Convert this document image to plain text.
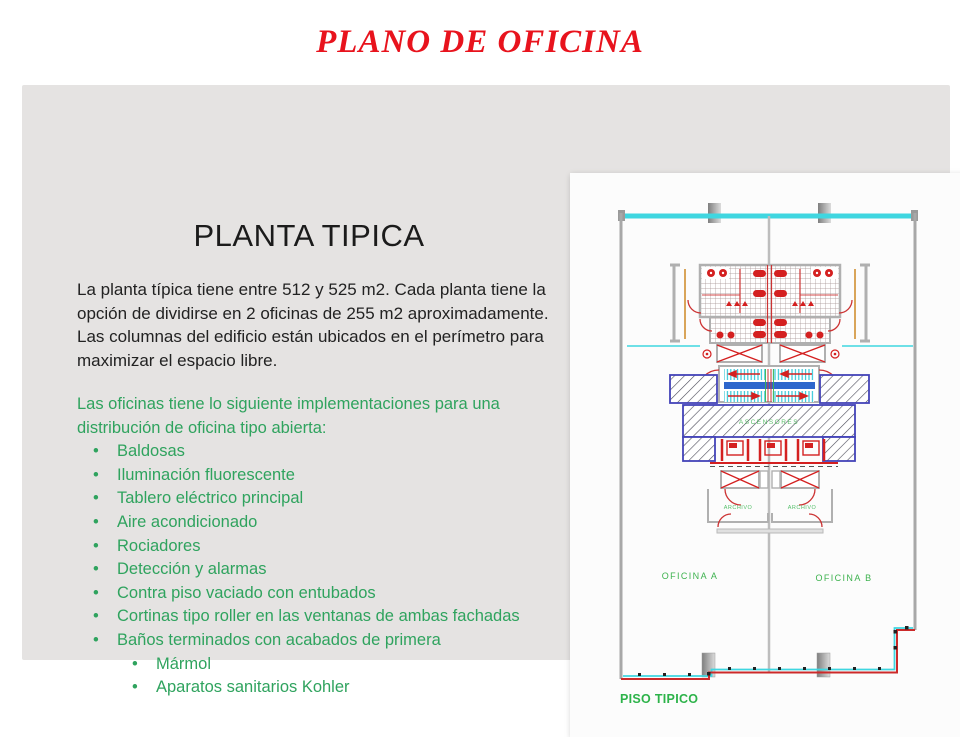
PLANO DE OFICINA
PLANTA TIPICA

La planta típica tiene entre 512 y 525 m2. Cada planta tiene la opción de dividirse en 2 oficinas de 255 m2 aproximadamente.

Las columnas del edificio están ubicados en el perímetro para maximizar el espacio libre.

Las oficinas tiene lo siguiente implementaciones para una distribución de oficina tipo abierta:

• Baldosas
• Iluminación fluorescente
• Tablero eléctrico principal
• Aire acondicionado
• Rociadores
• Detección y alarmas
• Contra piso vaciado con entubados
• Cortinas tipo roller en las ventanas de ambas fachadas
• Baños terminados con acabados de primera
• Mármol
• Aparatos sanitarios Kohler
ASCENSORES
ARCHIVO	ARCHIVO
OFICINA A	OFICINA B
PISO TIPICO
